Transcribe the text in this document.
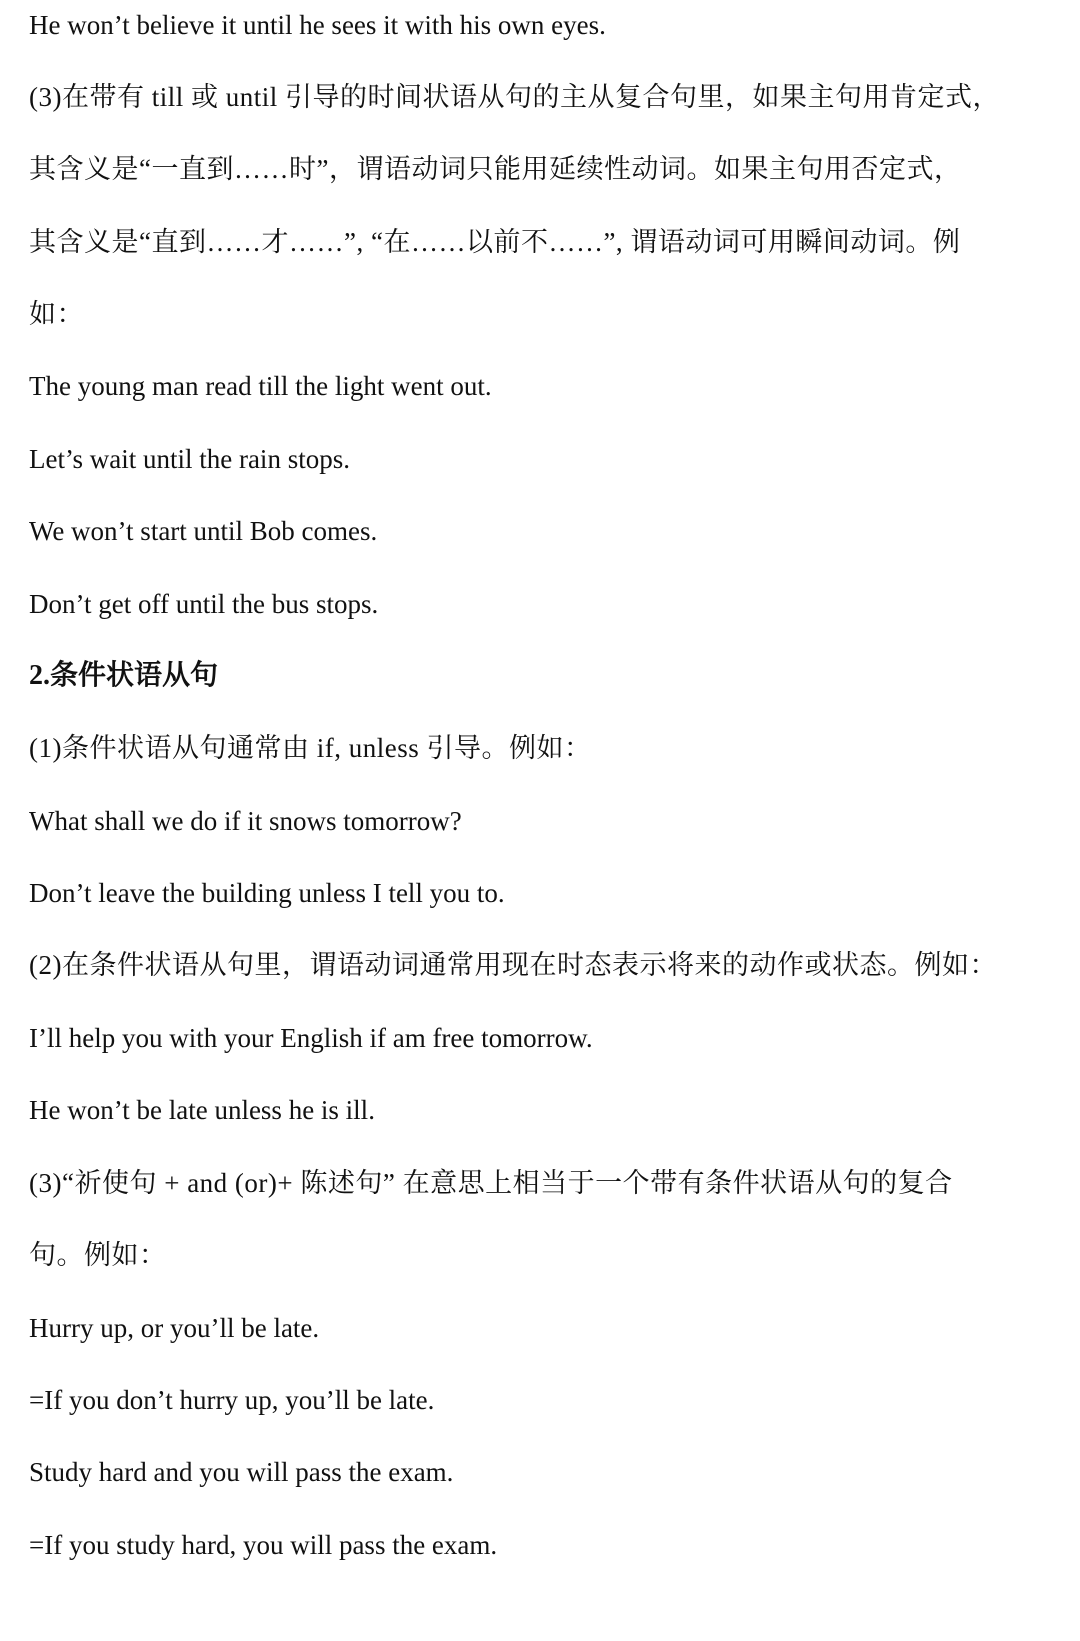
He won’t believe it until he sees it with his own eyes.
(3)在带有 till 或 until 引导的时间状语从句的主从复合句里，如果主句用肯定式，
其含义是“一直到……时”，谓语动词只能用延续性动词。如果主句用否定式，
其含义是“直到……才……”, “在……以前不……”, 谓语动词可用瞬间动词。例
如：
The young man read till the light went out.
Let’s wait until the rain stops.
We won’t start until Bob comes.
Don’t get off until the bus stops.
2.条件状语从句
(1)条件状语从句通常由 if, unless 引导。例如：
What shall we do if it snows tomorrow?
Don’t leave the building unless I tell you to.
(2)在条件状语从句里，谓语动词通常用现在时态表示将来的动作或状态。例如：
I’ll help you with your English if am free tomorrow.
He won’t be late unless he is ill.
(3)“祈使句 + and (or)+ 陈述句” 在意思上相当于一个带有条件状语从句的复合
句。例如：
Hurry up, or you’ll be late.
=If you don’t hurry up, you’ll be late.
Study hard and you will pass the exam.
=If you study hard, you will pass the exam.
